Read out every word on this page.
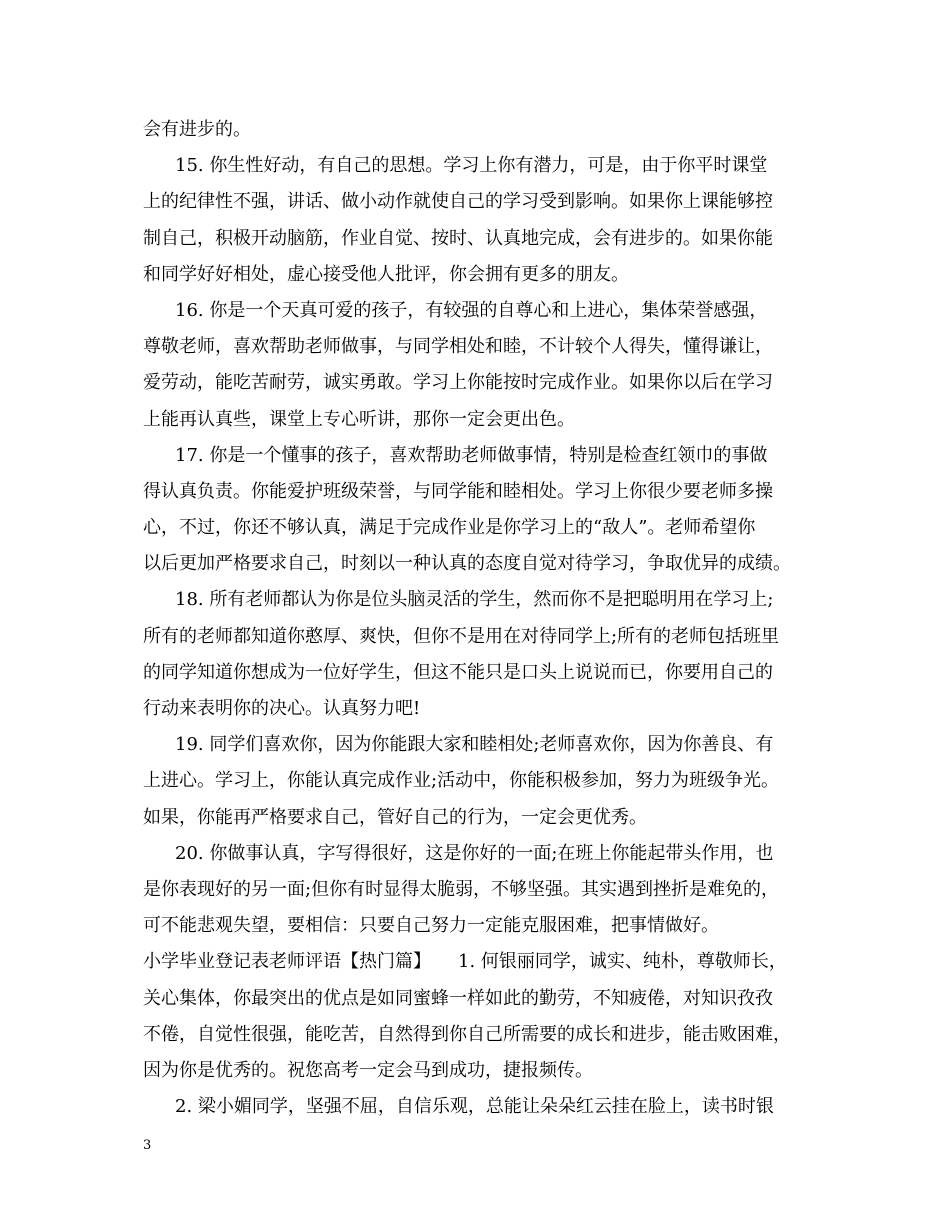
会有进步的。
15. 你生性好动，有自己的思想。学习上你有潜力，可是，由于你平时课堂
上的纪律性不强，讲话、做小动作就使自己的学习受到影响。如果你上课能够控
制自己，积极开动脑筋，作业自觉、按时、认真地完成，会有进步的。如果你能
和同学好好相处，虚心接受他人批评，你会拥有更多的朋友。
16. 你是一个天真可爱的孩子，有较强的自尊心和上进心，集体荣誉感强，
尊敬老师，喜欢帮助老师做事，与同学相处和睦，不计较个人得失，懂得谦让，
爱劳动，能吃苦耐劳，诚实勇敢。学习上你能按时完成作业。如果你以后在学习
上能再认真些，课堂上专心听讲，那你一定会更出色。
17. 你是一个懂事的孩子，喜欢帮助老师做事情，特别是检查红领巾的事做
得认真负责。你能爱护班级荣誉，与同学能和睦相处。学习上你很少要老师多操
心，不过，你还不够认真，满足于完成作业是你学习上的“敌人”。老师希望你
以后更加严格要求自己，时刻以一种认真的态度自觉对待学习，争取优异的成绩。
18. 所有老师都认为你是位头脑灵活的学生，然而你不是把聪明用在学习上;
所有的老师都知道你憨厚、爽快，但你不是用在对待同学上;所有的老师包括班里
的同学知道你想成为一位好学生，但这不能只是口头上说说而已，你要用自己的
行动来表明你的决心。认真努力吧!
19. 同学们喜欢你，因为你能跟大家和睦相处;老师喜欢你，因为你善良、有
上进心。学习上，你能认真完成作业;活动中，你能积极参加，努力为班级争光。
如果，你能再严格要求自己，管好自己的行为，一定会更优秀。
20. 你做事认真，字写得很好，这是你好的一面;在班上你能起带头作用，也
是你表现好的另一面;但你有时显得太脆弱，不够坚强。其实遇到挫折是难免的，
可不能悲观失望，要相信：只要自己努力一定能克服困难，把事情做好。
小学毕业登记表老师评语【热门篇】　　1. 何银丽同学，诚实、纯朴，尊敬师长，
关心集体，你最突出的优点是如同蜜蜂一样如此的勤劳，不知疲倦，对知识孜孜
不倦，自觉性很强，能吃苦，自然得到你自己所需要的成长和进步，能击败困难，
因为你是优秀的。祝您高考一定会马到成功，捷报频传。
2. 梁小媚同学，坚强不屈，自信乐观，总能让朵朵红云挂在脸上，读书时银
3
